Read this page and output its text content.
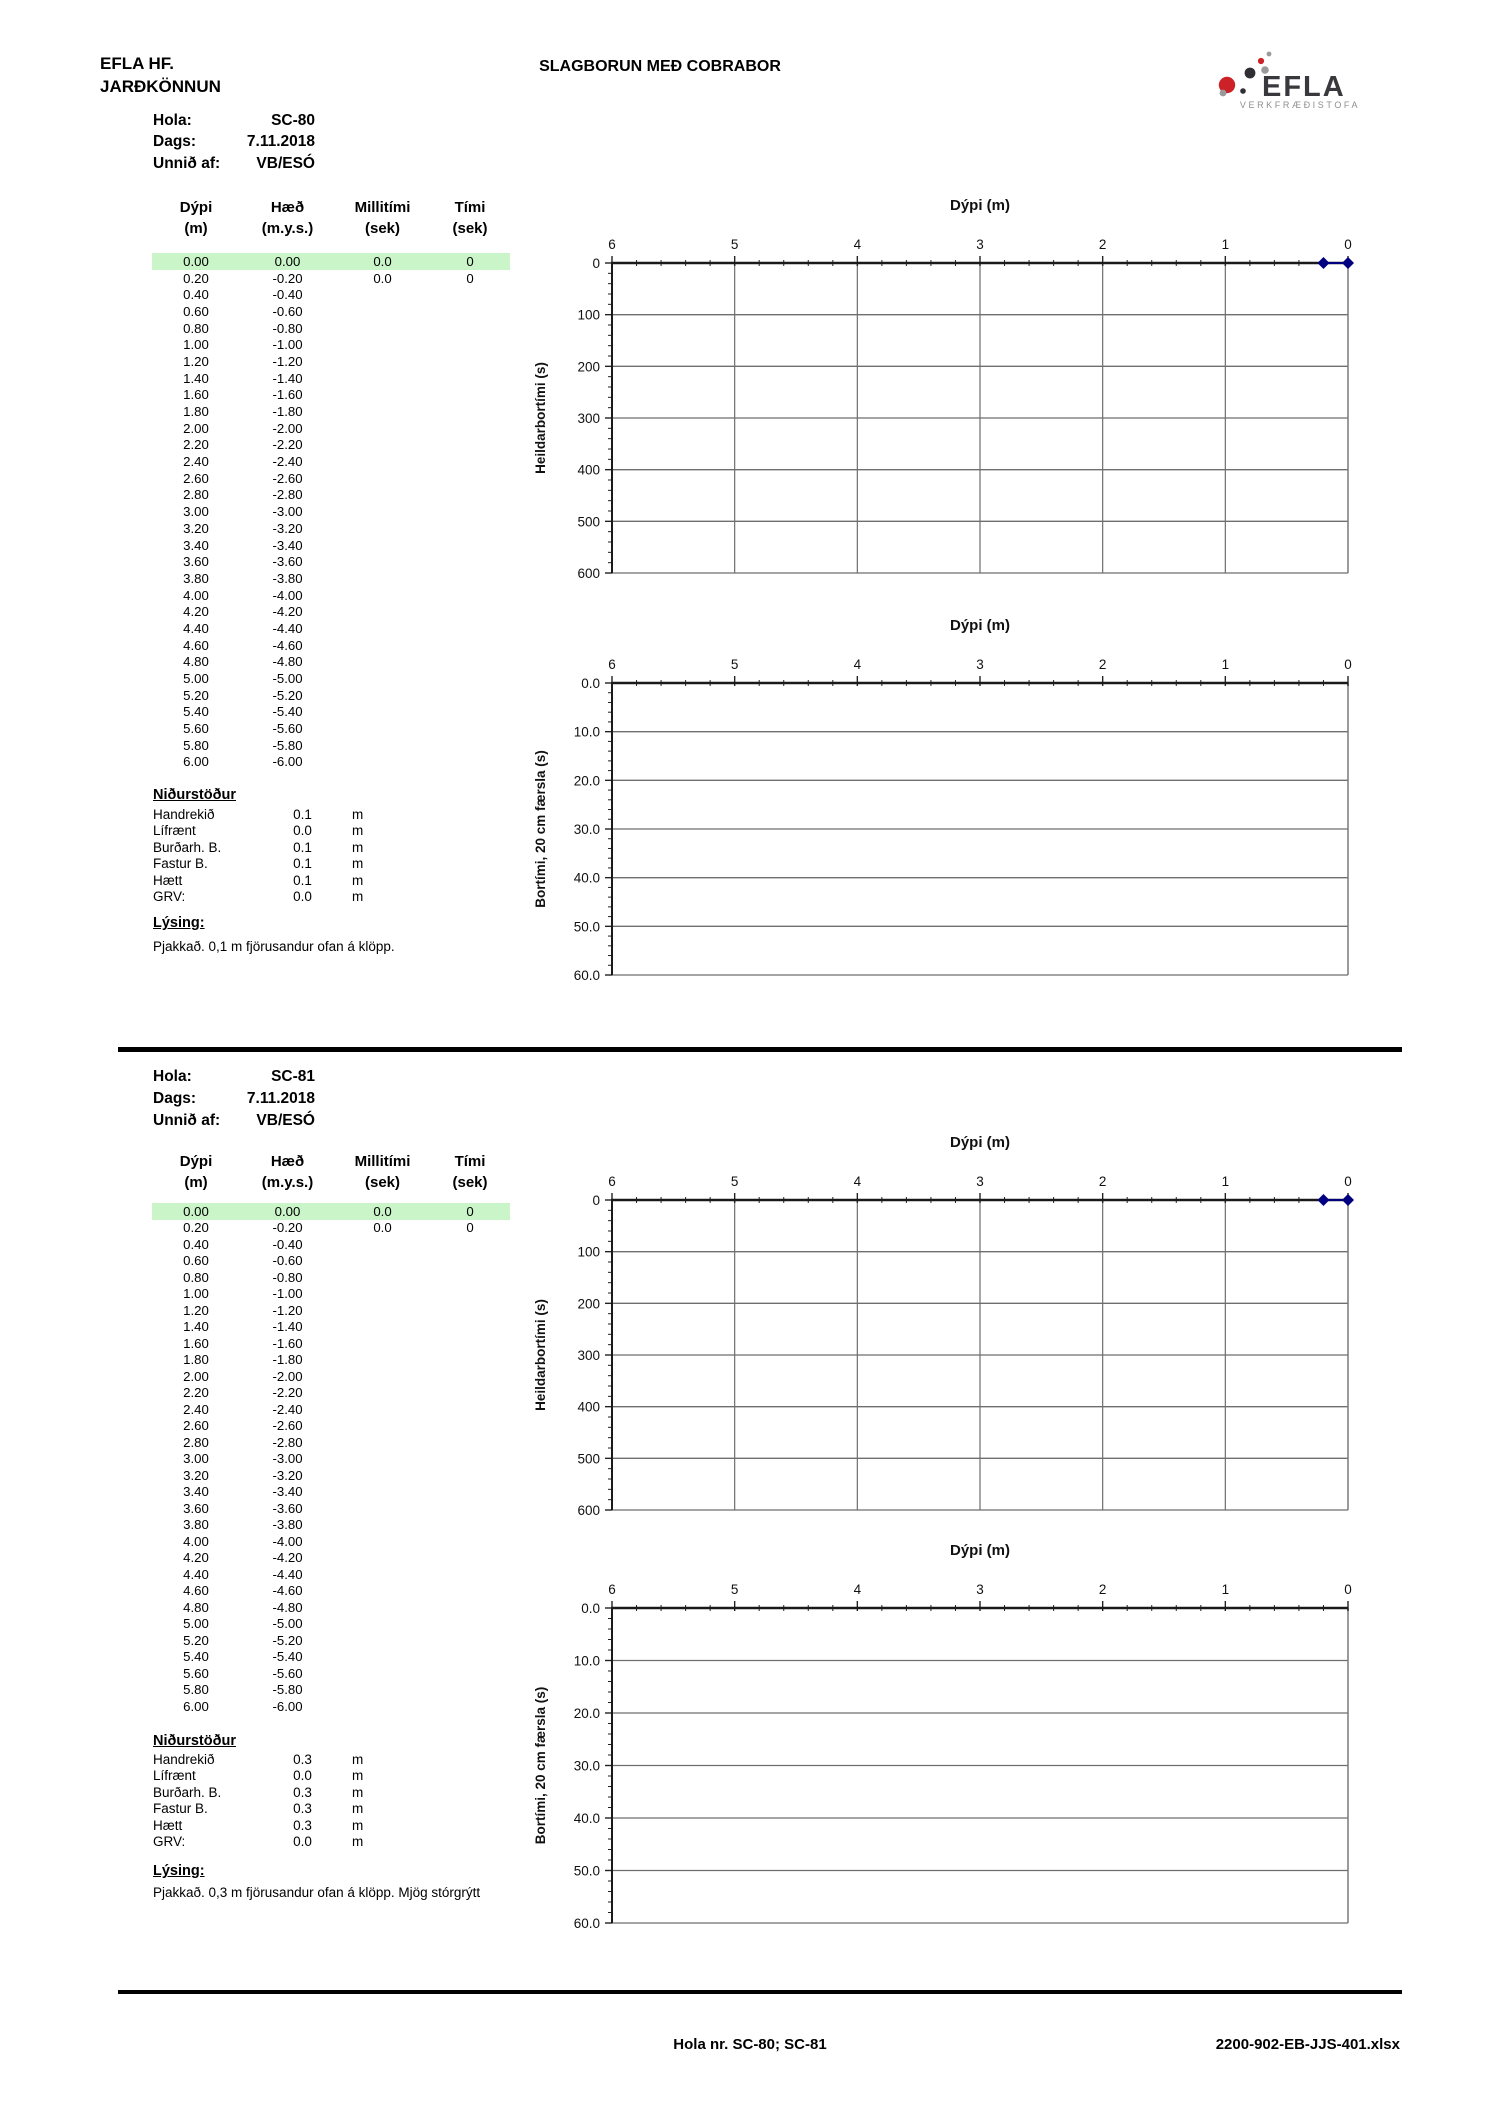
EFLA HF.
JARÐKÖNNUN
SLAGBORUN MEÐ COBRABOR
EFLA
VERKFRÆÐISTOFA
Hola:	SC-80
Dags:	7.11.2018
Unnið af:	VB/ESÓ
Dýpi	Hæð	Millitími	Tími
(m)	(m.y.s.)	(sek)	(sek)
0.00	0.00	0.0	0
0.20	-0.20	0.0	0
0.40	-0.40		
0.60	-0.60		
0.80	-0.80		
1.00	-1.00		
1.20	-1.20		
1.40	-1.40		
1.60	-1.60		
1.80	-1.80		
2.00	-2.00		
2.20	-2.20		
2.40	-2.40		
2.60	-2.60		
2.80	-2.80		
3.00	-3.00		
3.20	-3.20		
3.40	-3.40		
3.60	-3.60		
3.80	-3.80		
4.00	-4.00		
4.20	-4.20		
4.40	-4.40		
4.60	-4.60		
4.80	-4.80		
5.00	-5.00		
5.20	-5.20		
5.40	-5.40		
5.60	-5.60		
5.80	-5.80		
6.00	-6.00		
Niðurstöður
Handrekið	0.1	m
Lífrænt	0.0	m
Burðarh. B.	0.1	m
Fastur B.	0.1	m
Hætt	0.1	m
GRV:	0.0	m
Lýsing:
Pjakkað. 0,1 m fjörusandur ofan á klöpp.
Dýpi (m)
6	5	4	3	2	1	0
0
100
200
300
400
500
600
Heildarbortími (s)
Dýpi (m)
6	5	4	3	2	1	0
0.0
10.0
20.0
30.0
40.0
50.0
60.0
Bortími, 20 cm færsla (s)
Hola:	SC-81
Dags:	7.11.2018
Unnið af:	VB/ESÓ
Dýpi	Hæð	Millitími	Tími
(m)	(m.y.s.)	(sek)	(sek)
0.00	0.00	0.0	0
0.20	-0.20	0.0	0
0.40	-0.40		
0.60	-0.60		
0.80	-0.80		
1.00	-1.00		
1.20	-1.20		
1.40	-1.40		
1.60	-1.60		
1.80	-1.80		
2.00	-2.00		
2.20	-2.20		
2.40	-2.40		
2.60	-2.60		
2.80	-2.80		
3.00	-3.00		
3.20	-3.20		
3.40	-3.40		
3.60	-3.60		
3.80	-3.80		
4.00	-4.00		
4.20	-4.20		
4.40	-4.40		
4.60	-4.60		
4.80	-4.80		
5.00	-5.00		
5.20	-5.20		
5.40	-5.40		
5.60	-5.60		
5.80	-5.80		
6.00	-6.00		
Niðurstöður
Handrekið	0.3	m
Lífrænt	0.0	m
Burðarh. B.	0.3	m
Fastur B.	0.3	m
Hætt	0.3	m
GRV:	0.0	m
Lýsing:
Pjakkað. 0,3 m fjörusandur ofan á klöpp. Mjög stórgrýtt
Dýpi (m)
6	5	4	3	2	1	0
0
100
200
300
400
500
600
Heildarbortími (s)
Dýpi (m)
6	5	4	3	2	1	0
0.0
10.0
20.0
30.0
40.0
50.0
60.0
Bortími, 20 cm færsla (s)
Hola nr. SC-80; SC-81	2200-902-EB-JJS-401.xlsx
